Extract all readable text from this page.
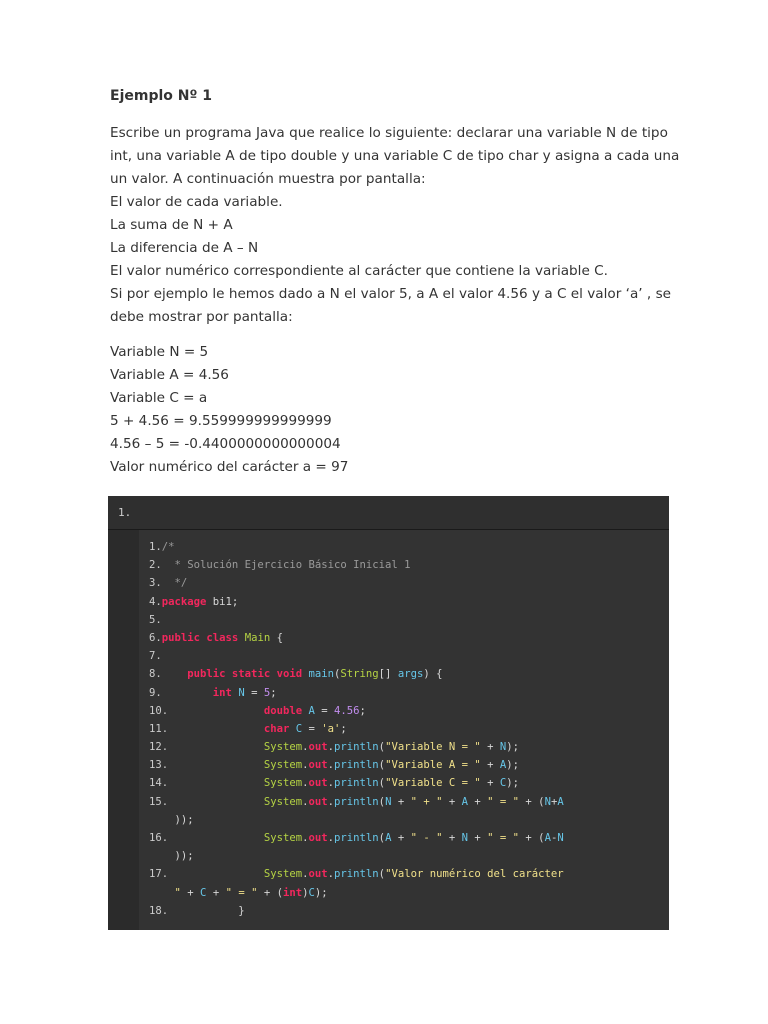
Ejemplo Nº 1
Escribe un programa Java que realice lo siguiente: declarar una variable N de tipo
int, una variable A de tipo double y una variable C de tipo char y asigna a cada una
un valor. A continuación muestra por pantalla:
El valor de cada variable.
La suma de N + A
La diferencia de A – N
El valor numérico correspondiente al carácter que contiene la variable C.
Si por ejemplo le hemos dado a N el valor 5, a A el valor 4.56 y a C el valor ‘a’ , se
debe mostrar por pantalla:
Variable N = 5
Variable A = 4.56
Variable C = a
5 + 4.56 = 9.559999999999999
4.56 – 5 = -0.4400000000000004
Valor numérico del carácter a = 97
1.
1./*
2.  * Solución Ejercicio Básico Inicial 1
3.  */
4.package bi1;
5.
6.public class Main {
7.
8. public static void main(String[] args) {
9.	int N = 5;
10.	double A = 4.56;
11.	char C = 'a';
12.	System.out.println("Variable N = " + N);
13.	System.out.println("Variable A = " + A);
14.	System.out.println("Variable C = " + C);
15.	System.out.println(N + " + " + A + " = " + (N+A
));
16.	System.out.println(A + " - " + N + " = " + (A-N
));
17.	System.out.println("Valor numérico del carácter
" + C + " = " + (int)C);
18.           }
